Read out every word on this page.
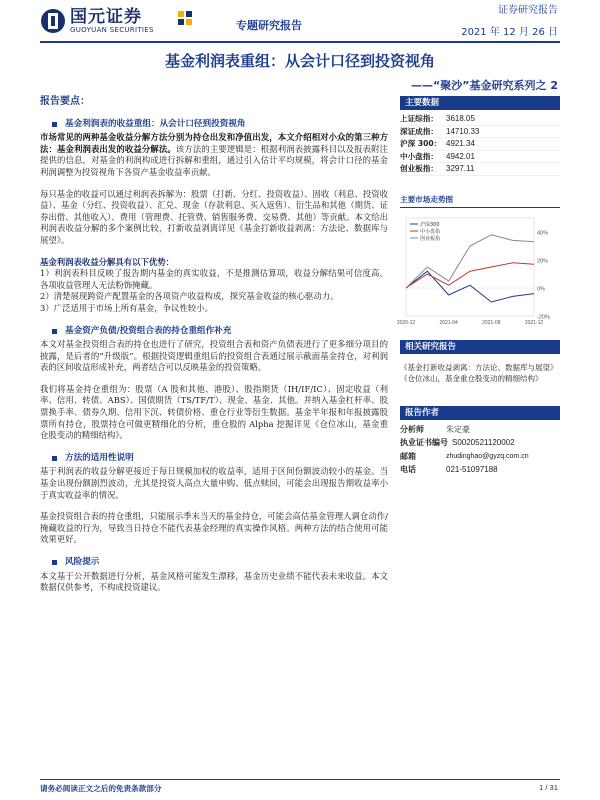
国元证券
GUOYUAN SECURITIES	专题研究报告
证券研究报告
2021 年 12 月 26 日
基金利润表重组：从会计口径到投资视角
——“聚沙”基金研究系列之 2
报告要点：
基金利润表的收益重组：从会计口径到投资视角
市场常见的两种基金收益分解方法分别为持仓出发和净值出发，本文介绍相对小众的第三种方法：基金利润表出发的收益分解法。该方法的主要逻辑是：根据利润表披露科目以及报表附注提供的信息，对基金的利润构成进行拆解和重组，通过引入估计平均规模，将会计口径的基金利润调整为投资视角下各资产基金收益率贡献。
每只基金的收益可以通过利润表拆解为：股票（打新、分红、投资收益）、固收（利息、投资收益）、基金（分红、投资收益）、汇兑、现金（存款利息、买入返售）、衍生品和其他（期货、证券出借、其他收入）、费用（管理费、托管费、销售服务费、交易费、其他）等贡献。本文给出利润表收益分解的多个案例比较，打新收益剥离详见《基金打新收益剥离：方法论、数据库与展望》。
基金利润表收益分解具有以下优势：
1）利润表科目反映了报告期内基金的真实收益，不是推测估算项，收益分解结果可信度高，各项收益管理人无法粉饰掩藏。
2）清楚展现跨资产配置基金的各项资产收益构成，探究基金收益的核心驱动力。
3）广泛适用于市场上所有基金，争议性较小。
基金资产负债/投资组合表的持仓重组作补充
本文对基金投资组合表的持仓也进行了研究，投资组合表和资产负债表进行了更多细分项目的披露，是后者的“升级版”。根据投资逻辑重组后的投资组合表通过展示截面基金持仓，对利润表的区间收益形成补充，两者结合可以反映基金的投资策略。
我们将基金持仓重组为：股票（A 股和其他、港股）、股指期货（IH/IF/IC）、固定收益（利率、信用、转债、ABS）、国债期货（TS/TF/T）、现金、基金、其他。并纳入基金杠杆率、股票换手率、债券久期、信用下沉、转债价格、重仓行业等衍生数据。基金半年报和年报披露股票所有持仓，股票持仓可做更精细化的分析，重仓股的 Alpha 挖掘详见《仓位冰山，基金重仓股变动的精细结构》。
方法的适用性说明
基于利润表的收益分解更接近于每日规模加权的收益率，适用于区间份额波动较小的基金。当基金出现份额剧烈波动，尤其是投资人高点大量申购、低点赎回，可能会出现报告期收益率小于真实收益率的情况。
基金投资组合表的持仓重组，只能展示季末当天的基金持仓，可能会高估基金管理人调仓动作/掩藏收益的行为，导致当日持仓不能代表基金经理的真实操作风格。两种方法的结合使用可能效果更好。
风险提示
本文基于公开数据进行分析，基金风格可能发生漂移，基金历史业绩不能代表未来收益。本文数据仅供参考，不构成投资建议。
主要数据
上证综指：	3618.05
深证成指：	14710.33
沪深 300： 4921.34
中小盘指：	4942.01
创业板指：	3297.11
主要市场走势图
-20%
0%
20%
40%
2020-12	2021-04	2021-08	2021-12
沪深300
中小盘指
创业板指
相关研究报告
《基金打新收益剥离：方法论、数据库与展望》
《仓位冰山，基金重仓股变动的精细结构》
报告作者
分析师	朱定豪
执业证书编号 S0020521120002
邮箱	zhudinghao@gyzq.com.cn
电话	021-51097188
请务必阅读正文之后的免责条款部分	1 / 31
